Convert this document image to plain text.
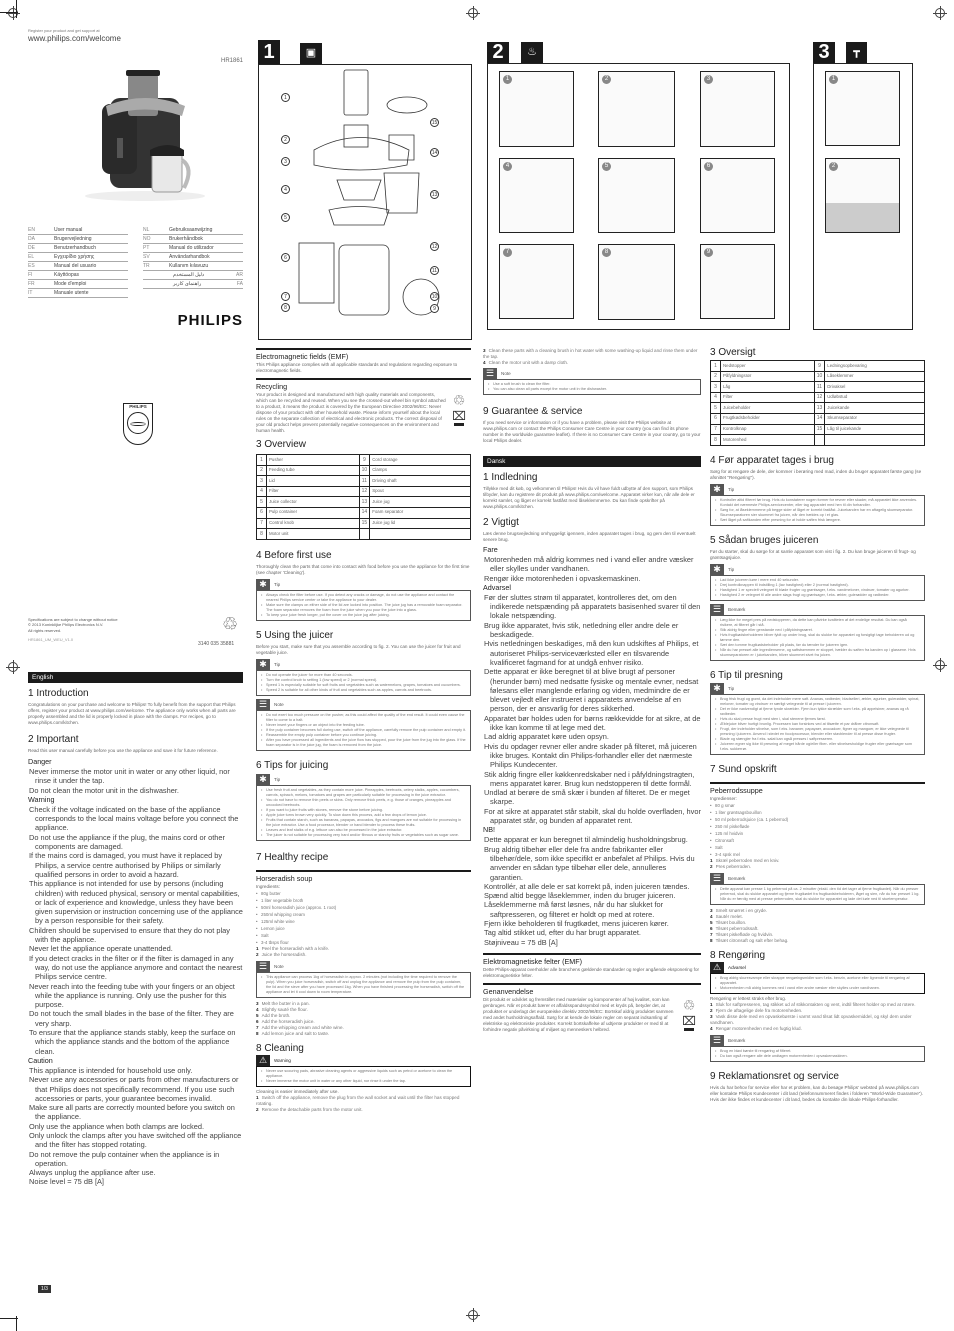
Register your product and get support at
www.philips.com/welcome
HR1861
EN	User manual
DA	Brugervejledning
DE	Benutzerhandbuch
EL	Εγχειρίδιο χρήσης
ES	Manual del usuario
FI	Käyttöopas
FR	Mode d'emploi
IT	Manuale utente
NL	Gebruiksaanwijzing
NO	Brukerhåndbok
PT	Manual do utilizador
SV	Användarhandbok
TR	Kullanım kılavuzu
دليل المستخدم	AR
راهنمای کاربر	FA
PHILIPS
PHILIPS
Specifications are subject to change without notice
© 2013 Koninklijke Philips Electronics N.V.
All rights reserved.
HR1861_UM_WEU_V1.0
♲
3140 035 35881
English
1 Introduction
Congratulations on your purchase and welcome to Philips! To fully benefit from the support that Philips offers, register your product at www.philips.com/welcome. The appliance only works when all parts are properly assembled and the lid is properly locked in place with the clamps. For recipes, go to www.philips.com/kitchen.
2 Important
Read this user manual carefully before you use the appliance and save it for future reference.
Danger
Never immerse the motor unit in water or any other liquid, nor rinse it under the tap.
Do not clean the motor unit in the dishwasher.
Warning
Check if the voltage indicated on the base of the appliance corresponds to the local mains voltage before you connect the appliance.
Do not use the appliance if the plug, the mains cord or other components are damaged.
If the mains cord is damaged, you must have it replaced by Philips, a service centre authorised by Philips or similarly qualified persons in order to avoid a hazard.
This appliance is not intended for use by persons (including children) with reduced physical, sensory or mental capabilities, or lack of experience and knowledge, unless they have been given supervision or instruction concerning use of the appliance by a person responsible for their safety.
Children should be supervised to ensure that they do not play with the appliance.
Never let the appliance operate unattended.
If you detect cracks in the filter or if the filter is damaged in any way, do not use the appliance anymore and contact the nearest Philips service centre.
Never reach into the feeding tube with your fingers or an object while the appliance is running. Only use the pusher for this purpose.
Do not touch the small blades in the base of the filter. They are very sharp.
To ensure that the appliance stands stably, keep the surface on which the appliance stands and the bottom of the appliance clean.
Caution
This appliance is intended for household use only.
Never use any accessories or parts from other manufacturers or that Philips does not specifically recommend. If you use such accessories or parts, your guarantee becomes invalid.
Make sure all parts are correctly mounted before you switch on the appliance.
Only use the appliance when both clamps are locked.
Only unlock the clamps after you have switched off the appliance and the filter has stopped rotating.
Do not remove the pulp container when the appliance is in operation.
Always unplug the appliance after use.
Noise level = 75 dB [A]
1/3
1	▣
1
2
3
4
5
6
7
8	9
10
11
12
13
14
15
2	♨
1	2	3
4	5	6
7	8	9
3	┳
1
2
Electromagnetic fields (EMF)
This Philips appliance complies with all applicable standards and regulations regarding exposure to electromagnetic fields.
Recycling
Your product is designed and manufactured with high quality materials and components, which can be recycled and reused. When you see the crossed-out wheel bin symbol attached to a product, it means the product is covered by the European Directive 2002/96/EC: Never dispose of your product with other household waste. Please inform yourself about the local rules on the separate collection of electrical and electronic products. The correct disposal of your old product helps prevent potentially negative consequences on the environment and human health.
♲
⌧
3 Overview
1	Pusher	9	Cord storage
2	Feeding tube	10	Clamps
3	Lid	11	Driving shaft
4	Filter	12	Spout
5	Juice collector	13	Juice jug
6	Pulp container	14	Foam separator
7	Control knob	15	Juice jug lid
8	Motor unit		
4 Before first use
Thoroughly clean the parts that come into contact with food before you use the appliance for the first time (see chapter 'Cleaning').
✱	Tip
• Always check the filter before use. If you detect any cracks or damage, do not use the appliance and contact the nearest Philips service center or take the appliance to your dealer.
• Make sure the clamps on either side of the lid are locked into position. The juice jug has a removable foam separator. The foam separator removes the foam from the juice when you pour the juice into a glass.
• To keep your juice fresh longer, put the cover on the juice jug after juicing.
5 Using the juicer
Before you start, make sure that you assemble according to fig. 2. You can use the juicer for fruit and vegetable juice.
✱	Tip
• Do not operate the juicer for more than 40 seconds.
• Turn the control knob to setting 1 (low speed) or 2 (normal speed).
• Speed 1 is especially suitable for soft fruits and vegetables such as watermelons, grapes, tomatoes and cucumbers.
• Speed 2 is suitable for all other kinds of fruit and vegetables such as apples, carrots and beetroots.
☰	Note
• Do not exert too much pressure on the pusher, as this could affect the quality of the end result. It could even cause the filter to come to a halt.
• Never insert your fingers or an object into the feeding tube.
• If the pulp container becomes full during use, switch off the appliance, carefully remove the pulp container and empty it.
• Reassemble the empty pulp container before you continue juicing.
• After you have processed all ingredients and the juice flow has stopped, pour the juice from the jug into the glass. If the foam separator is in the juice jug, the foam is removed from the juice.
6 Tips for juicing
✱	Tip
• Use fresh fruit and vegetables, as they contain more juice. Pineapples, beetroots, celery stalks, apples, cucumbers, carrots, spinach, melons, tomatoes and grapes are particularly suitable for processing in the juice extractor.
• You do not have to remove thin peels or skins. Only remove thick peels, e.g. those of oranges, pineapples and uncooked beetroots.
• If you want to juice fruits with stones, remove the stone before juicing.
• Apple juice turns brown very quickly. To slow down this process, add a few drops of lemon juice.
• Fruits that contain starch, such as bananas, papayas, avocados, figs and mangoes are not suitable for processing in the juice extractor. Use a food processor, blender or hand blender to process these fruits.
• Leaves and leaf stalks of e.g. lettuce can also be processed in the juice extractor.
• The juicer is not suitable for processing very hard and/or fibrous or starchy fruits or vegetables such as sugar cane.
7 Healthy recipe
Horseradish soup
Ingredients:
• 80g butter
• 1 liter vegetable broth
• 50ml horseradish juice (approx. 1 root)
• 250ml whipping cream
• 125ml white wine
• Lemon juice
• Salt
• 3-4 tbsps flour
1 Peel the horseradish with a knife.
2 Juice the horseradish.
☰	Note
• This appliance can process 1kg of horseradish in approx. 2 minutes (not including the time required to remove the pulp). When you juice horseradish, switch off and unplug the appliance and remove the pulp from the pulp container, the lid and the sieve after you have processed 1kg. When you have finished processing the horseradish, switch off the appliance and let it cool down to room temperature.
3 Melt the butter in a pan.
4 Slightly sauté the flour.
5 Add the broth.
6 Add the horseradish juice.
7 Add the whipping cream and white wine.
8 Add lemon juice and salt to taste.
8 Cleaning
⚠	Warning
• Never use scouring pads, abrasive cleaning agents or aggressive liquids such as petrol or acetone to clean the appliance.
• Never immerse the motor unit in water or any other liquid, nor rinse it under the tap.
Cleaning is easier immediately after use.
1 Switch off the appliance, remove the plug from the wall socket and wait until the filter has stopped rotating.
2 Remove the detachable parts from the motor unit.
3 Clean these parts with a cleaning brush in hot water with some washing-up liquid and rinse them under the tap.
4 Clean the motor unit with a damp cloth.
☰	Note
• Use a soft brush to clean the filter.
• You can also clean all parts except the motor unit in the dishwasher.
9 Guarantee & service
If you need service or information or if you have a problem, please visit the Philips website at www.philips.com or contact the Philips Consumer Care Centre in your country (you can find its phone number in the worldwide guarantee leaflet). If there is no Consumer Care Centre in your country, go to your local Philips dealer.
Dansk
1 Indledning
Tillykke med dit køb, og velkommen til Philips! Hvis du vil have fuldt udbytte af den support, som Philips tilbyder, kan du registrere dit produkt på www.philips.com/welcome. Apparatet virker kun, når alle dele er korrekt samlet, og låget er korrekt fastlåst med låseklemmerne. Du kan finde opskrifter på www.philips.com/kitchen.
2 Vigtigt
Læs denne brugsvejledning omhyggeligt igennem, inden apparatet tages i brug, og gem den til eventuelt senere brug.
Fare
Motorenheden må aldrig kommes ned i vand eller andre væsker eller skylles under vandhanen.
Rengør ikke motorenheden i opvaskemaskinen.
Advarsel
Før der sluttes strøm til apparatet, kontrolleres det, om den indikerede netspænding på apparatets basisenhed svarer til den lokale netspænding.
Brug ikke apparatet, hvis stik, netledning eller andre dele er beskadigede.
Hvis netledningen beskadiges, må den kun udskiftes af Philips, et autoriseret Philips-serviceværksted eller en tilsvarende kvalificeret fagmand for at undgå enhver risiko.
Dette apparat er ikke beregnet til at blive brugt af personer (herunder børn) med nedsatte fysiske og mentale evner, nedsat følesans eller manglende erfaring og viden, medmindre de er blevet vejledt eller instrueret i apparatets anvendelse af en person, der er ansvarlig for deres sikkerhed.
Apparatet bør holdes uden for børns rækkevidde for at sikre, at de ikke kan komme til at lege med det.
Lad aldrig apparatet køre uden opsyn.
Hvis du opdager revner eller andre skader på filteret, må juiceren ikke bruges. Kontakt din Philips-forhandler eller det nærmeste Philips Kundecenter.
Stik aldrig fingre eller køkkenredskaber ned i påfyldningstragten, mens apparatet kører. Brug kun nedstopperen til dette formål.
Undlad at berøre de små skær i bunden af filteret. De er meget skarpe.
For at sikre at apparatet står stabilt, skal du holde overfladen, hvor apparatet står, og bunden af apparatet rent.
NB!
Dette apparat er kun beregnet til almindelig husholdningsbrug.
Brug aldrig tilbehør eller dele fra andre fabrikanter eller tilbehør/dele, som ikke specifikt er anbefalet af Philips. Hvis du anvender en sådan type tilbehør eller dele, annulleres garantien.
Kontrollér, at alle dele er sat korrekt på, inden juiceren tændes.
Spænd altid begge låseklemmer, inden du bruger juiceren.
Låseklemmerne må først løsnes, når du har slukket for saftpresseren, og filteret er holdt op med at rotere.
Fjern ikke beholderen til frugtkødet, mens juiceren kører.
Tag altid stikket ud, efter du har brugt apparatet.
Støjniveau = 75 dB [A]
Elektromagnetiske felter (EMF)
Dette Philips-apparat overholder alle branchens gældende standarder og regler angående eksponering for elektromagnetiske felter.
Genanvendelse
Dit produkt er udviklet og fremstillet med materialer og komponenter af høj kvalitet, som kan genbruges. Når et produkt bærer et affaldsspandssymbol med et kryds på, betyder det, at produktet er underlagt det europæiske direktiv 2002/96/EC: Bortskaf aldrig produktet sammen med andet husholdningsaffald. Sørg for at kende de lokale regler om separat indsamling af elektriske og elektroniske produkter. Korrekt bortskaffelse af udtjente produkter er med til at forhindre negativ påvirkning af miljøet og menneskers helbred.
♲
⌧
3 Oversigt
1	Nedstopper	9	Ledningsopbevaring
2	Påfyldningsrør	10	Låseklemmer
3	Låg	11	Drivaksel
4	Filter	12	Udløbstud
5	Juicebeholder	13	Juicekande
6	Frugtkødsbeholder	14	Skumseparator
7	Kontrolknap	15	Låg til juicekande
8	Motorenhed		
4 Før apparatet tages i brug
Sørg for at rengøre de dele, der kommer i berøring med mad, inden du bruger apparatet første gang (se afsnittet "Rengøring").
✱	Tip
• Kontroller altid filteret før brug. Hvis du konstaterer nogen former for revner eller skader, må apparatet ikke anvendes. Kontakt det nærmeste Philips-servicecenter, eller tag apparatet med hen til din forhandler.
• Sørg for, at låseklemmerne på begge sider af låget er korrekt fastlåst. Juicekanden har en aftagelig skumseparator. Skumseparatoren sier skummet fra juicen, når den hældes op i et glas.
• Sæt låget på saftkanden efter presning for at holde saften frisk længere.
5 Sådan bruges juiceren
Før du starter, skal du sørge for at samle apparatet som vist i fig. 2. Du kan bruge juiceren til frugt- og grøntsagsjuice.
✱	Tip
• Lad ikke juiceren køre i mere end 40 sekunder.
• Drej kontrolknappen til indstilling 1 (lav hastighed) eller 2 (normal hastighed).
• Hastighed 1 er specielt velegnet til bløde frugter og grøntsager, f.eks. vandmeloner, vindruer, tomater og agurker.
• Hastighed 2 er velegnet til alle andre slags frugt og grøntsager, f.eks. æbler, gulerødder og rødbeder.
☰	Bemærk
• Læg ikke for meget pres på nedstopperen, da dette kan påvirke kvaliteten af det endelige resultat. Du kan også risikere, at filteret går i stå.
• Stik aldrig fingre eller genstande ned i påfyldningsrøret.
• Hvis frugtkødsbeholderen bliver fyldt op under brug, skal du slukke for apparatet og forsigtigt tage beholderen ud og tømme den.
• Sæt den tomme frugtkødsbeholder på plads, før du tænder for juiceren igen.
• Når du har presset alle ingredienserne, og saftstrømmen er stoppet, hælder du saften fra kanden op i glassene. Hvis skumseparatoren er i juicekanden, bliver skummet sivet fra juicen.
6 Tip til presning
✱	Tip
• Brug frisk frugt og grønt, da det indeholder mere saft. Ananas, rødbeder, bladselleri, æbler, agurker, gulerødder, spinat, meloner, tomater og vindruer er særligt velegnede til at presse i juiceren.
• Det er ikke nødvendigt at fjerne tynde skrælder. Fjern kun tykke skrælder som f.eks. på appelsiner, ananas og rå rødbeder.
• Hvis du skal presse frugt med sten i, skal stenene fjernes først.
• Æblejuice bliver hurtigt brunlig. Processen kan forsinkes ved at tilsætte et par dråber citronsaft.
• Frugt, der indeholder stivelse, som f.eks. bananer, papayaer, avocadoer, figner og mangoer, er ikke velegnede til presning i juiceren. Anvend i stedet en foodprocessor, blender eller stavblender til at presse disse frugter.
• Blade og stængler fra f.eks. salat kan også presses i saftpresseren.
• Juiceren egner sig ikke til presning af meget hårde og/eller fiber- eller stivelsesholdige frugter eller grøntsager som f.eks. sukkerrør.
7 Sund opskrift
Peberrodssuppe
Ingredienser:
• 80 g smør
• 1 liter grøntsagsbouillon
• 50 ml peberrodsjuice (ca. 1 peberrod)
• 250 ml piskefløde
• 125 ml hvidvin
• Citronsaft
• Salt
• 3-4 spsk mel
1 Skræl peberroden med en kniv.
2 Pres peberroden.
☰	Bemærk
• Dette apparat kan presse 1 kg peberrod på ca. 2 minutter (ekskl. den tid det tager at fjerne frugtkødet). Når du presser peberrod, skal du slukke apparatet og fjerne frugtkødet fra frugtkødsbeholderen, låget og sien, når du har presset 1 kg. Når du er færdig med at presse peberroden, skal du slukke for apparatet og lade det køle ned til stuetemperatur.
3 Smelt smørret i en gryde.
4 Sautér melet.
5 Tilsæt bouillon.
6 Tilsæt peberrodssaft.
7 Tilsæt piskefløde og hvidvin.
8 Tilsæt citronsaft og salt efter behag.
8 Rengøring
⚠	Advarsel
• Brug aldrig skuresvampe eller skrappe rengøringsmidler som f.eks. benzin, acetone eller lignende til rengøring af apparatet.
• Motorenheden må aldrig kommes ned i vand eller andre væsker eller skylles under vandhanen.
Rengøring er lettest straks efter brug.
1 Sluk for saftpresseren, tag stikket ud af stikkontakten og vent, indtil filteret holder op med at rotere.
2 Fjern de aftagelige dele fra motorenheden.
3 Vask disse dele med en opvaskebørste i varmt vand tilsat lidt opvaskemiddel, og skyl dem under vandhanen.
4 Rengør motorenheden med en fugtig klud.
☰	Bemærk
• Brug en blød børste til rengøring af filteret.
• Du kan også rengøre alle dele undtagen motorenheden i opvaskemaskinen.
9 Reklamationsret og service
Hvis du har behov for service eller har et problem, kan du besøge Philips' websted på www.philips.com eller kontakte Philips Kundecenter i dit land (telefonnummeret findes i folderen "World-Wide Guarantee"). Hvis der ikke findes et kundecenter i dit land, bedes du kontakte din lokale Philips-forhandler.
